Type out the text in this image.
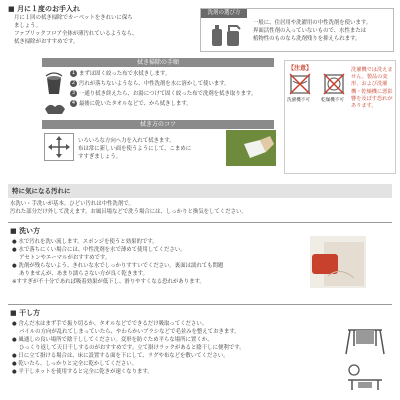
■ 月に１度のお手入れ
月に１回の拭き掃除でカーペットをきれいに保ち
ましょう。
ファブリックフロア全体が薄汚れているようなら、
拭き掃除がおすすめです。
洗剤の選び方
一般に、住居用や洗濯用の中性洗剤を使います。
界面活性剤の入っていないもので、水性または
植物性のものなら洗剤残りを抑えられます。
拭き掃除の手順
1 まずは固く絞った布で水拭きします。
2 汚れが落ちないようなら、中性洗剤を水に溶かして使います。
3 一通り拭き終えたら、お湯につけて固く絞った布で洗剤を拭き取ります。
4 最後に乾いたタオルなどで、から拭きします。
拭き方のコツ
いろいろな方向へ力を入れて拭きます。
布は常に新しい面を使うようにして、こまめに
すすぎましょう。
【注意】
洗濯機不可 乾燥機不可
洗濯機では洗えません。製品の変形、および洗濯機・乾燥機に悪影響を及ぼす恐れがあります。
特に気になる汚れに
水洗い・手洗いが基本。ひどい汚れは中性洗剤で。
汚れた部分だけ外して洗えます。お風呂場などで洗う場合には、しっかりと換気をしてください。
■ 洗い方
● 水で汚れを洗い流します。スポンジを使うと効果的です。
● 水で落ちにくい場合には、中性洗剤を水で薄めて使用してください。
アセトンやエーマルがおすすめです。
● 洗剤が残らないよう、きれいな水でしっかりすすいでください。裏面は濡れても問題
ありませんが、あまり濡らさない方が良く乾きます。
※すすぎが不十分であれば吸着効果が低下し、滑りやすくなる恐れがあります。
■ 干し方
● 含んだ水はまず手で振り切るか、タオルなどでできるだけ吸取ってください。
パイルの方向が乱れてしまっていたら、やわらかいブラシなどで毛並みを整えておきます。
● 風通しの良い場所で陰干ししてください。変形を防ぐため平らな場所に置くか、
ひっくり返して天日干しするのがおすすめです。立て掛けラックがあると陰干しに便利です。
● 日に立て掛ける場合は、床に設置する面を下にして、ラグや布などを敷いてください。
● 乾いたら、しっかりと完全に乾かしてください。
● 平干しネットを使用すると完全に乾きが速くなります。
